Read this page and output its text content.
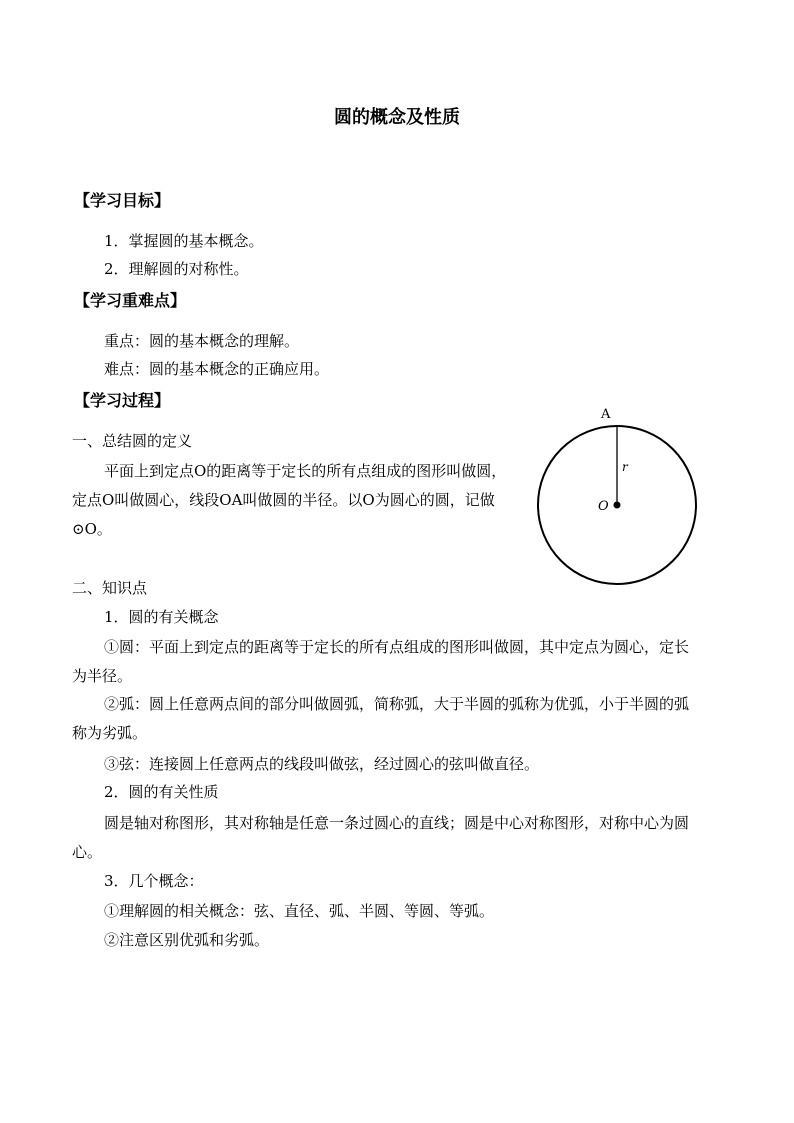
圆的概念及性质
【学习目标】
1．掌握圆的基本概念。
2．理解圆的对称性。
【学习重难点】
重点：圆的基本概念的理解。
难点：圆的基本概念的正确应用。
【学习过程】
一、总结圆的定义
平面上到定点O的距离等于定长的所有点组成的图形叫做圆，
定点O叫做圆心，线段OA叫做圆的半径。以O为圆心的圆，记做
⊙O。
A
r
O
二、知识点
1．圆的有关概念
①圆：平面上到定点的距离等于定长的所有点组成的图形叫做圆，其中定点为圆心，定长
为半径。
②弧：圆上任意两点间的部分叫做圆弧，简称弧，大于半圆的弧称为优弧，小于半圆的弧
称为劣弧。
③弦：连接圆上任意两点的线段叫做弦，经过圆心的弦叫做直径。
2．圆的有关性质
圆是轴对称图形，其对称轴是任意一条过圆心的直线；圆是中心对称图形，对称中心为圆
心。
3．几个概念：
①理解圆的相关概念：弦、直径、弧、半圆、等圆、等弧。
②注意区别优弧和劣弧。
